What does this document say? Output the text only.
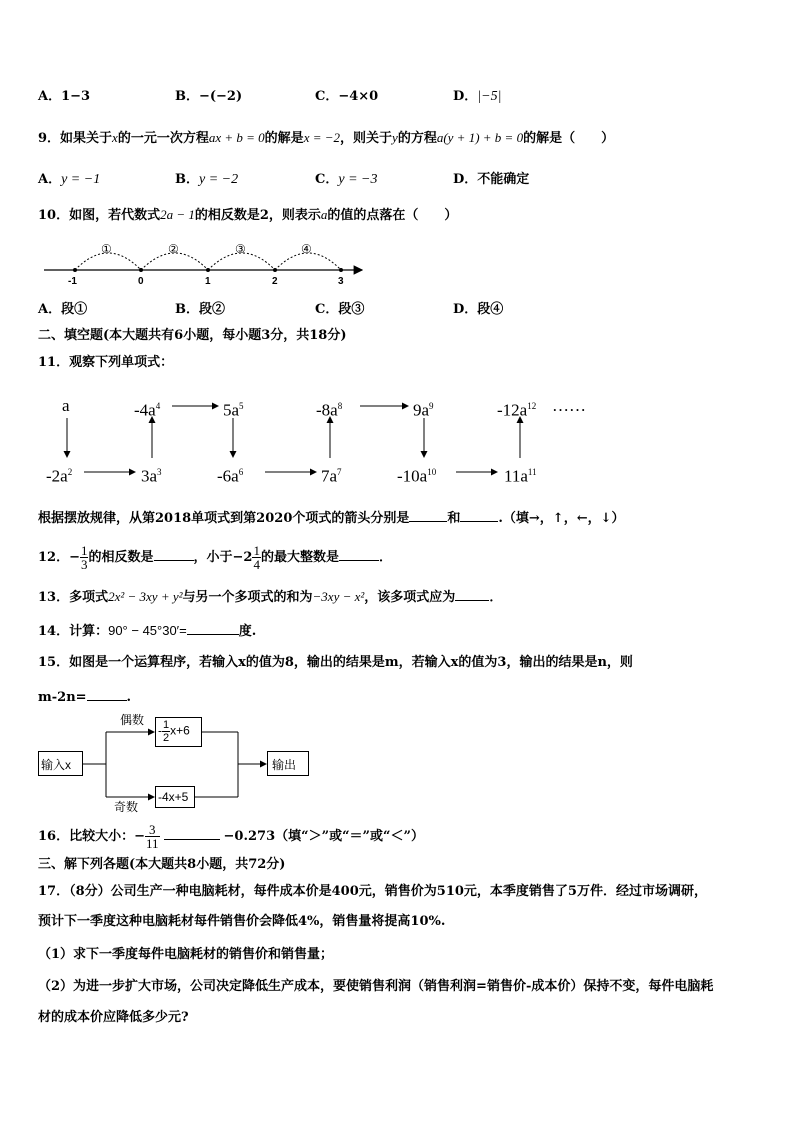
A．1−3	B．−(−2)	C．−4×0	D．|−5|
9．如果关于x的一元一次方程ax + b = 0的解是x = −2，则关于y的方程a(y + 1) + b = 0的解是（　　）
A．y = −1	B．y = −2	C．y = −3	D．不能确定
10．如图，若代数式2a − 1的相反数是2，则表示a的值的点落在（　　）
-1	0	1	2	3
①	②	③	④
A．段①	B．段②	C．段③	D．段④
二、填空题(本大题共有6小题，每小题3分，共18分)
11．观察下列单项式：
a
$-2a^2$	$3a^3$
$-4a^4$	$5a^5$
$-6a^6$	$7a^7$
$-8a^8$	$9a^9$
$-10a^{10}$	$11a^{11}$
$-12a^{12}$ ……
根据摆放规律，从第2018单项式到第2020个项式的箭头分别是	和	.（填→，↑，←，↓）
12．− $\frac{1}{3}$ 的相反数是	，小于$-2 \frac{1}{4}$ 的最大整数是	．
13．多项式2x² − 3xy + y²与另一个多项式的和为−3xy − x²，该多项式应为	．
14．计算：90° − 45°30′=	度.
15．如图是一个运算程序，若输入x的值为8，输出的结果是m，若输入x的值为3，输出的结果是n，则
m-2n=	.
输入x
偶数
奇数
- $\frac{1}{2} x+6$
-4x+5
输出
16．比较大小：− $\frac{3}{11}$	−0.273（填“＞”或“＝”或“＜”）
三、解下列各题(本大题共8小题，共72分)
17．（8分）公司生产一种电脑耗材，每件成本价是400元，销售价为510元，本季度销售了5万件．经过市场调研，
预计下一季度这种电脑耗材每件销售价会降低4%，销售量将提高10%.
（1）求下一季度每件电脑耗材的销售价和销售量；
（2）为进一步扩大市场，公司决定降低生产成本，要使销售利润（销售利润=销售价-成本价）保持不变，每件电脑耗
材的成本价应降低多少元?
